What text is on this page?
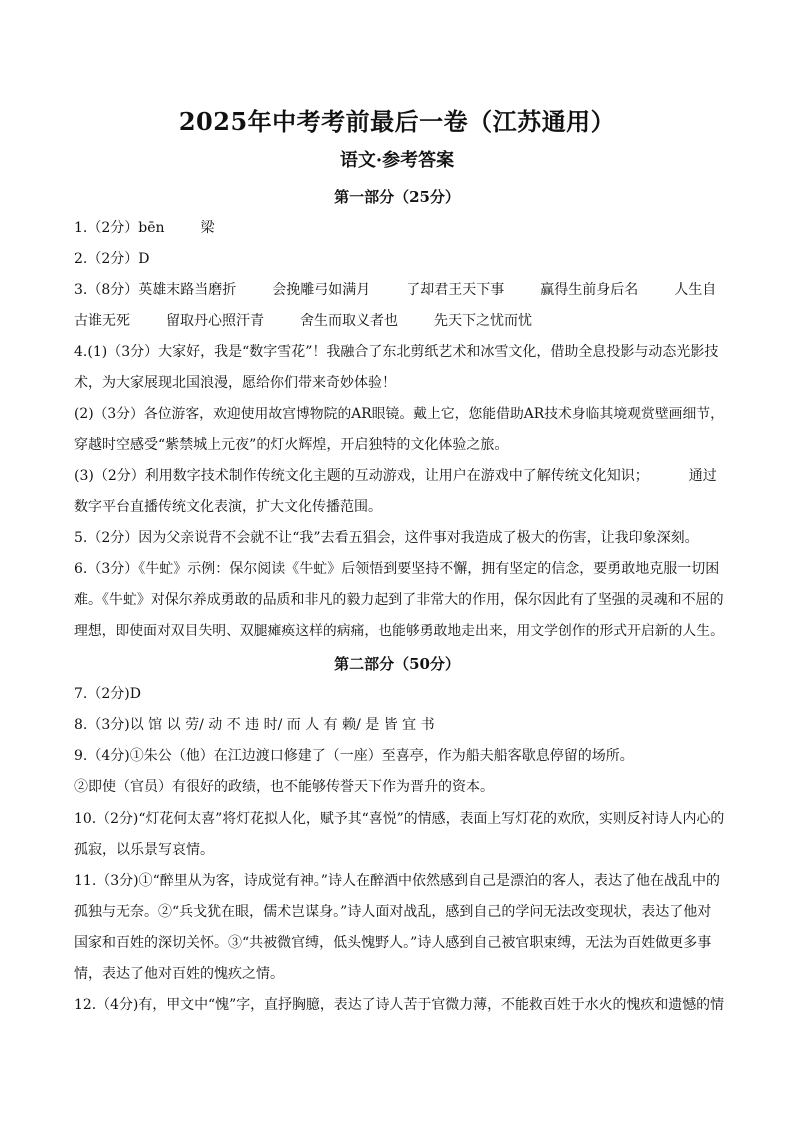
2025年中考考前最后一卷（江苏通用）
语文·参考答案
第一部分（25分）
1.（2分）bēn	梁
2.（2分）D
3.（8分）英雄末路当磨折	会挽雕弓如满月	了却君王天下事	赢得生前身后名	人生自
古谁无死	留取丹心照汗青	舍生而取义者也	先天下之忧而忧
4.(1)（3分）大家好，我是“数字雪花”！我融合了东北剪纸艺术和冰雪文化，借助全息投影与动态光影技
术，为大家展现北国浪漫，愿给你们带来奇妙体验！
(2)（3分）各位游客，欢迎使用故宫博物院的AR眼镜。戴上它，您能借助AR技术身临其境观赏壁画细节，
穿越时空感受“紫禁城上元夜”的灯火辉煌，开启独特的文化体验之旅。
(3)（2分）利用数字技术制作传统文化主题的互动游戏，让用户在游戏中了解传统文化知识；	通过
数字平台直播传统文化表演，扩大文化传播范围。
5.（2分）因为父亲说背不会就不让“我”去看五猖会，这件事对我造成了极大的伤害，让我印象深刻。
6.（3分）《牛虻》示例：保尔阅读《牛虻》后领悟到要坚持不懈，拥有坚定的信念，要勇敢地克服一切困
难。《牛虻》对保尔养成勇敢的品质和非凡的毅力起到了非常大的作用，保尔因此有了坚强的灵魂和不屈的
理想，即使面对双目失明、双腿瘫痪这样的病痛，也能够勇敢地走出来，用文学创作的形式开启新的人生。
第二部分（50分）
7.（2分)D
8.（3分)以 馆 以 劳/ 动 不 违 时/ 而 人 有 赖/ 是 皆 宜 书
9.（4分)①朱公（他）在江边渡口修建了（一座）至喜亭，作为船夫船客歇息停留的场所。
②即使（官员）有很好的政绩，也不能够传誉天下作为晋升的资本。
10.（2分)“灯花何太喜”将灯花拟人化，赋予其“喜悦”的情感，表面上写灯花的欢欣，实则反衬诗人内心的
孤寂，以乐景写哀情。
11.（3分)①“醉里从为客，诗成觉有神。”诗人在醉酒中依然感到自己是漂泊的客人，表达了他在战乱中的
孤独与无奈。②“兵戈犹在眼，儒术岂谋身。”诗人面对战乱，感到自己的学问无法改变现状，表达了他对
国家和百姓的深切关怀。③“共被微官缚，低头愧野人。”诗人感到自己被官职束缚，无法为百姓做更多事
情，表达了他对百姓的愧疚之情。
12.（4分)有，甲文中“愧”字，直抒胸臆，表达了诗人苦于官微力薄，不能救百姓于水火的愧疚和遗憾的情
